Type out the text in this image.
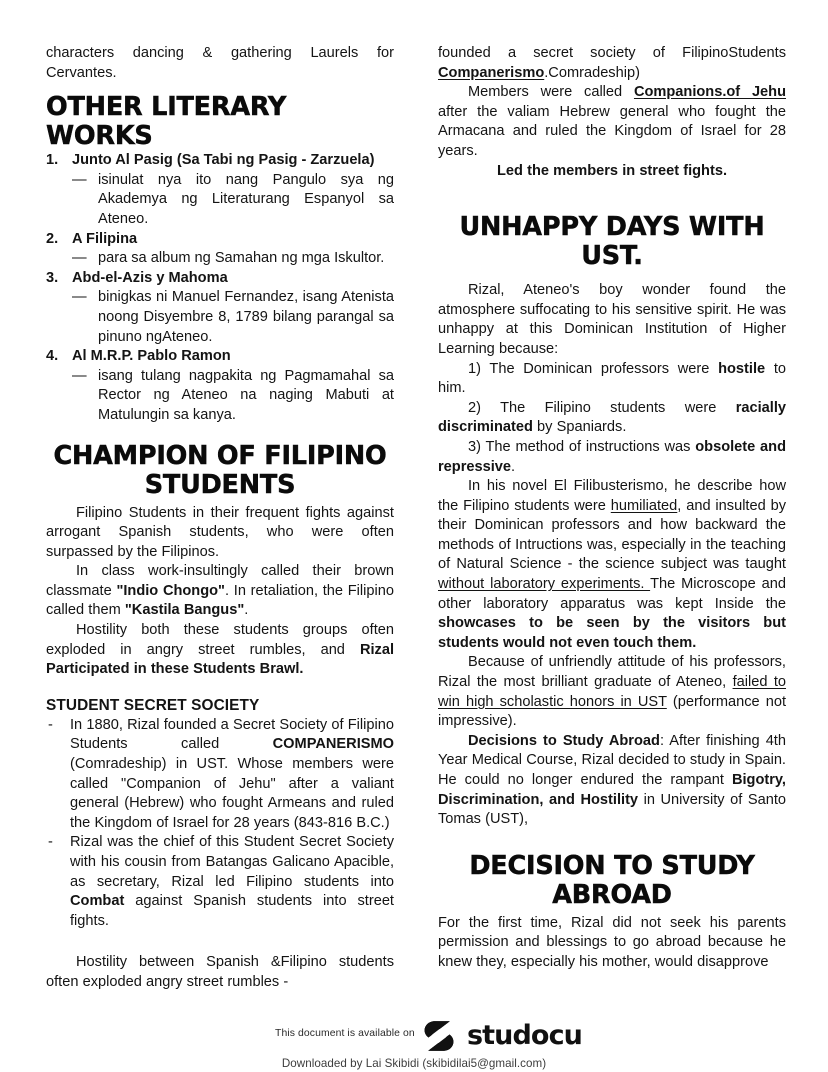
characters dancing & gathering Laurels for Cervantes.

OTHER LITERARY WORKS
1. Junto Al Pasig (Sa Tabi ng Pasig - Zarzuela)

— isinulat nya ito nang Pangulo sya ng Akademya ng Literaturang Espanyol sa Ateneo.

2. A Filipina

— para sa album ng Samahan ng mga Iskultor.

3. Abd-el-Azis y Mahoma

— binigkas ni Manuel Fernandez, isang Atenista noong Disyembre 8, 1789 bilang parangal sa pinuno ngAteneo.

4. Al M.R.P. Pablo Ramon

— isang tulang nagpakita ng Pagmamahal sa Rector ng Ateneo na naging Mabuti at Matulungin sa kanya.

CHAMPION OF FILIPINO
STUDENTS

Filipino Students in their frequent fights against arrogant Spanish students, who were often surpassed by the Filipinos.

In class work-insultingly called their brown classmate "Indio Chongo". In retaliation, the Filipino called them "Kastila Bangus".

Hostility both these students groups often exploded in angry street rumbles, and Rizal Participated in these Students Brawl.

STUDENT SECRET SOCIETY
- In 1880, Rizal founded a Secret Society of Filipino Students called COMPANERISMO (Comradeship) in UST. Whose members were called "Companion of Jehu" after a valiant general (Hebrew) who fought Armeans and ruled the Kingdom of Israel for 28 years (843-816 B.C.)

- Rizal was the chief of this Student Secret Society with his cousin from Batangas Galicano Apacible, as secretary, Rizal led Filipino students into Combat against Spanish students into street fights.

Hostility between Spanish &Filipino students often exploded angry street rumbles -

founded a secret society of FilipinoStudents Companerismo.Comradeship)

Members were called Companions.of Jehu after the valiam Hebrew general who fought the Armacana and ruled the Kingdom of Israel for 28 years.

Led the members in street fights.

UNHAPPY DAYS WITH UST.

Rizal, Ateneo's boy wonder found the atmosphere suffocating to his sensitive spirit. He was unhappy at this Dominican Institution of Higher Learning because:

1) The Dominican professors were hostile to him.

2) The Filipino students were racially discriminated by Spaniards.

3) The method of instructions was obsolete and repressive.

In his novel El Filibusterismo, he describe how the Filipino students were humiliated, and insulted by their Dominican professors and how backward the methods of Intructions was, especially in the teaching of Natural Science - the science subject was taught without laboratory experiments. The Microscope and other laboratory apparatus was kept Inside the showcases to be seen by the visitors but students would not even touch them.

Because of unfriendly attitude of his professors, Rizal the most brilliant graduate of Ateneo, failed to win high scholastic honors in UST (performance not impressive).

Decisions to Study Abroad: After finishing 4th Year Medical Course, Rizal decided to study in Spain. He could no longer endured the rampant Bigotry, Discrimination, and Hostility in University of Santo Tomas (UST),

DECISION TO STUDY
ABROAD

For the first time, Rizal did not seek his parents permission and blessings to go abroad because he knew they, especially his mother, would disapprove

This document is available on studocu
Downloaded by Lai Skibidi (skibidilai5@gmail.com)
